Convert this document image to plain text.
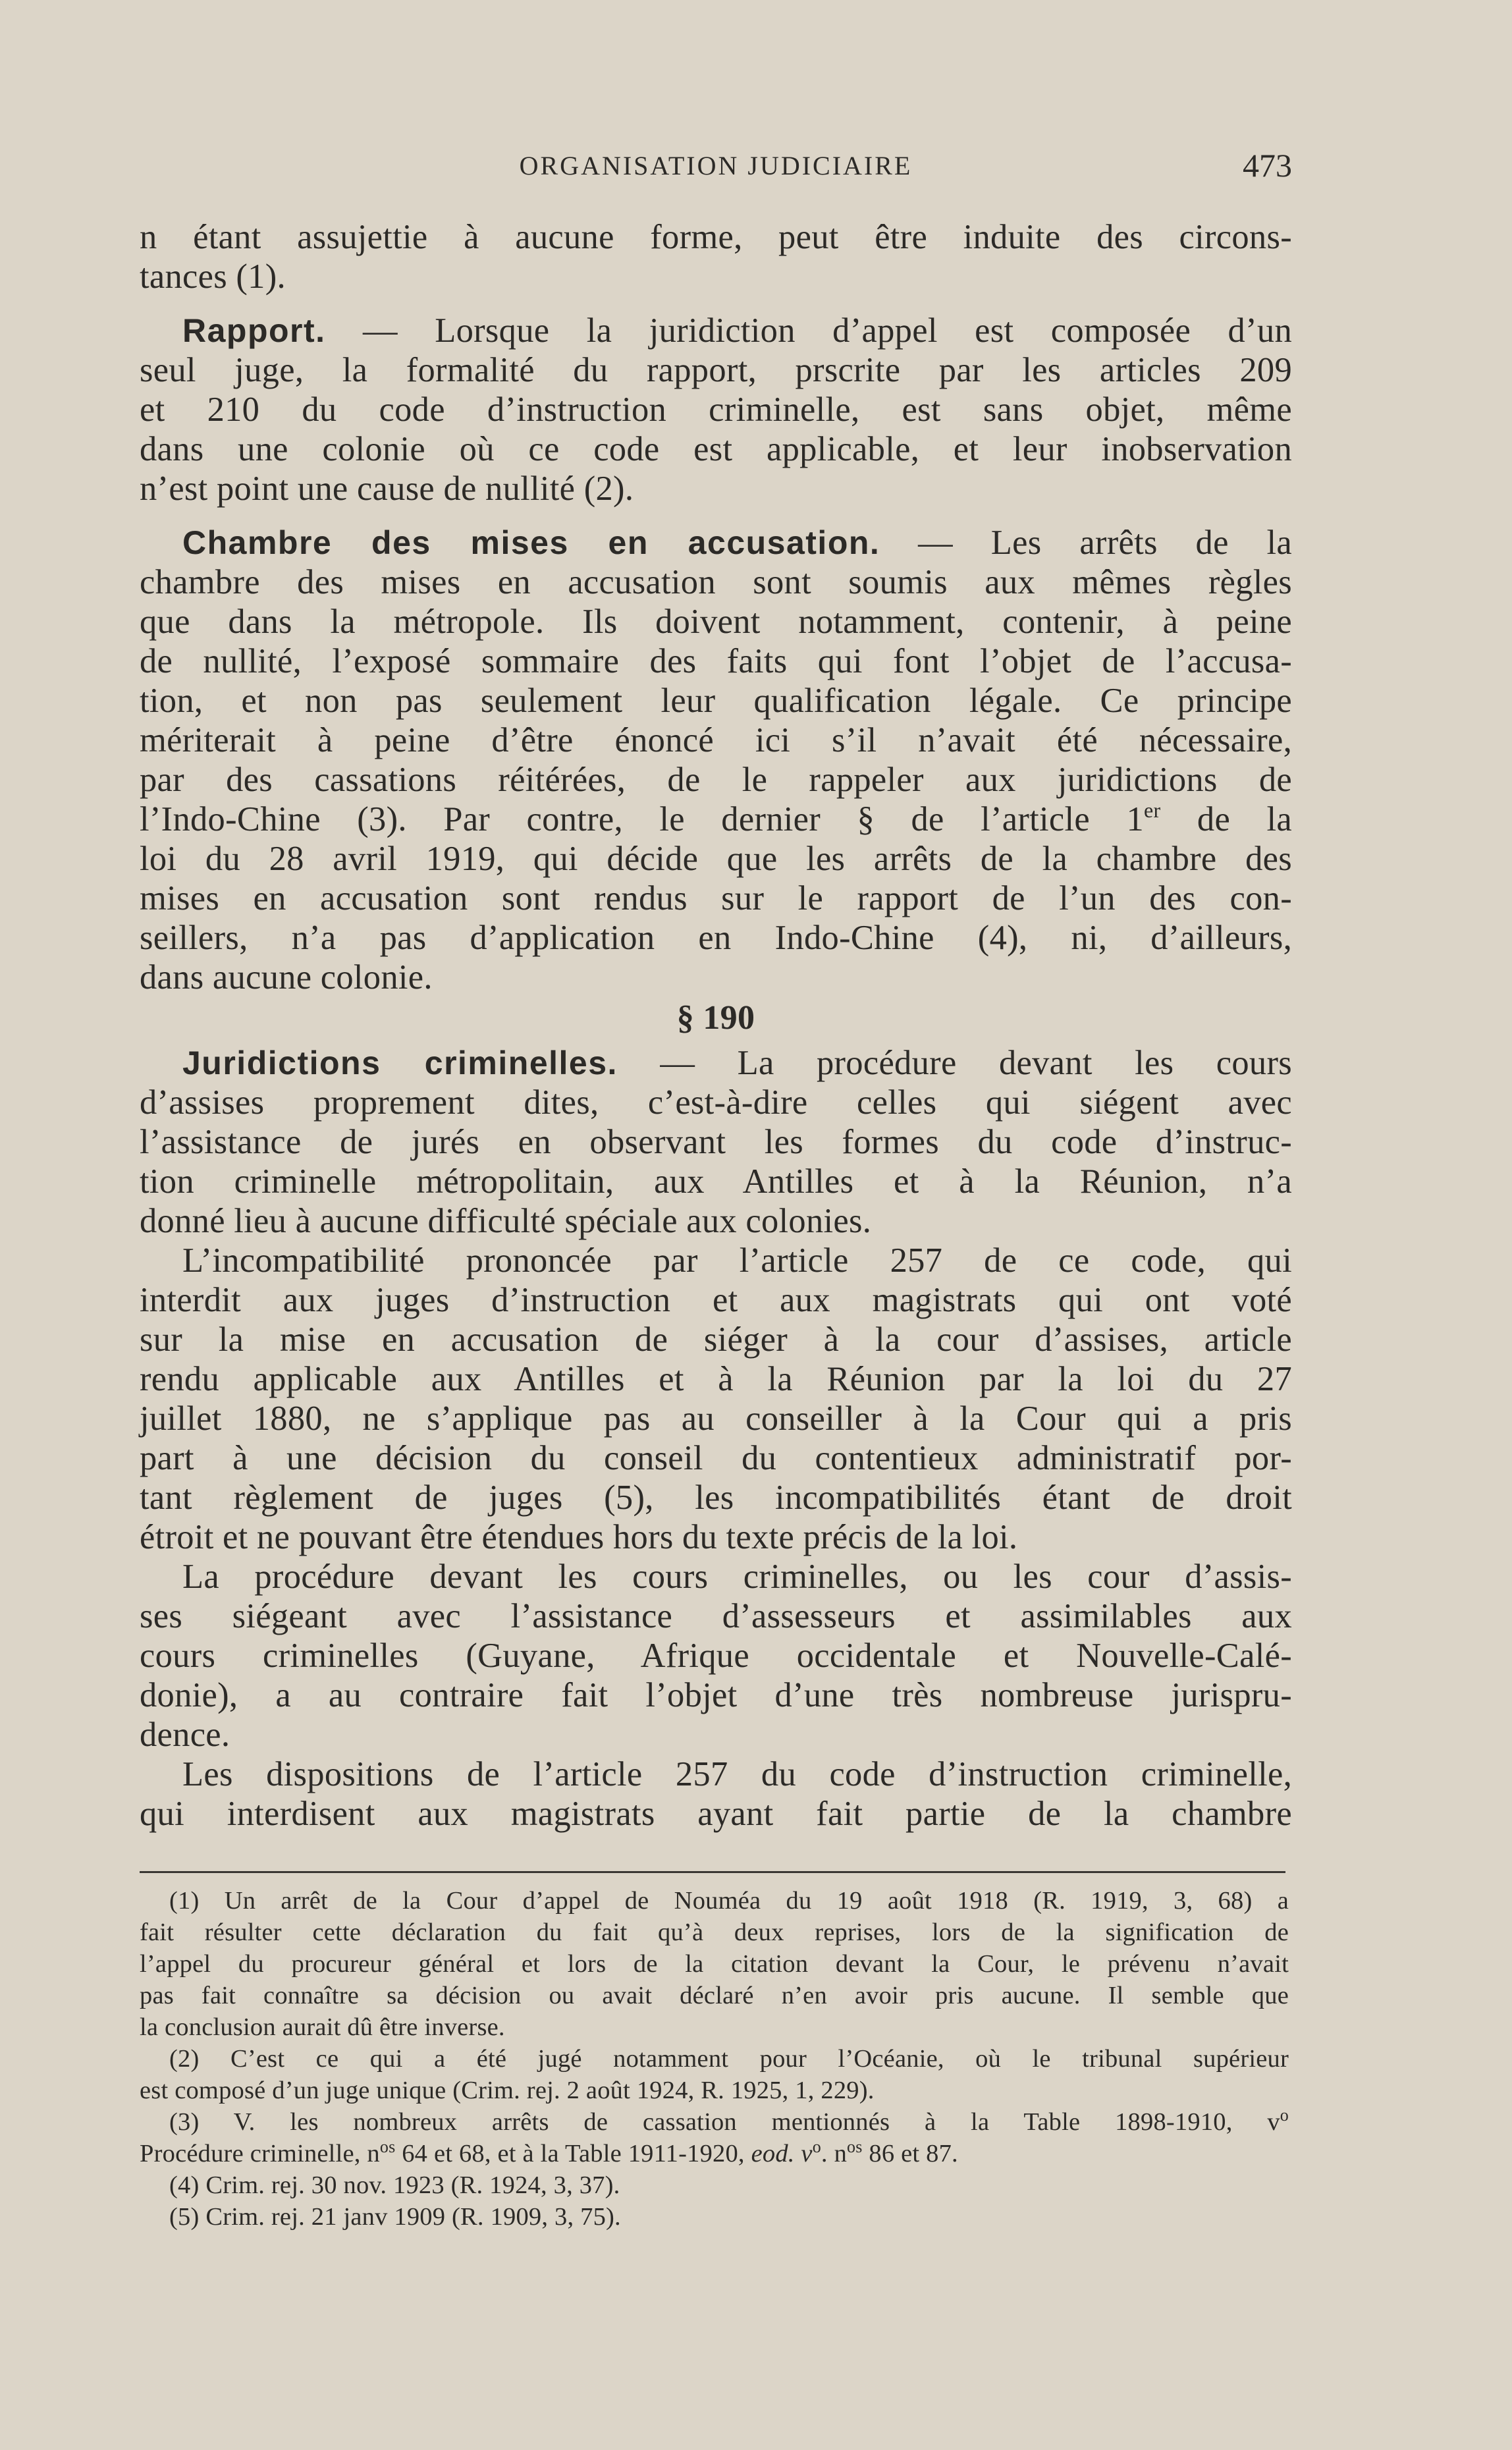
ORGANISATION JUDICIAIRE	473

n étant assujettie à aucune forme, peut être induite des circons-

tances (1).

Rapport. — Lorsque la juridiction d’appel est composée d’un

seul juge, la formalité du rapport, prscrite par les articles 209

et 210 du code d’instruction criminelle, est sans objet, même

dans une colonie où ce code est applicable, et leur inobservation

n’est point une cause de nullité (2).

Chambre des mises en accusation. — Les arrêts de la

chambre des mises en accusation sont soumis aux mêmes règles

que dans la métropole. Ils doivent notamment, contenir, à peine

de nullité, l’exposé sommaire des faits qui font l’objet de l’accusa-

tion, et non pas seulement leur qualification légale. Ce principe

mériterait à peine d’être énoncé ici s’il n’avait été nécessaire,

par des cassations réitérées, de le rappeler aux juridictions de

l’Indo-Chine (3). Par contre, le dernier § de l’article 1er de la

loi du 28 avril 1919, qui décide que les arrêts de la chambre des

mises en accusation sont rendus sur le rapport de l’un des con-

seillers, n’a pas d’application en Indo-Chine (4), ni, d’ailleurs,

dans aucune colonie.

§ 190

Juridictions criminelles. — La procédure devant les cours

d’assises proprement dites, c’est-à-dire celles qui siégent avec

l’assistance de jurés en observant les formes du code d’instruc-

tion criminelle métropolitain, aux Antilles et à la Réunion, n’a

donné lieu à aucune difficulté spéciale aux colonies.

L’incompatibilité prononcée par l’article 257 de ce code, qui

interdit aux juges d’instruction et aux magistrats qui ont voté

sur la mise en accusation de siéger à la cour d’assises, article

rendu applicable aux Antilles et à la Réunion par la loi du 27

juillet 1880, ne s’applique pas au conseiller à la Cour qui a pris

part à une décision du conseil du contentieux administratif por-

tant règlement de juges (5), les incompatibilités étant de droit

étroit et ne pouvant être étendues hors du texte précis de la loi.

La procédure devant les cours criminelles, ou les cour d’assis-

ses siégeant avec l’assistance d’assesseurs et assimilables aux

cours criminelles (Guyane, Afrique occidentale et Nouvelle-Calé-

donie), a au contraire fait l’objet d’une très nombreuse jurispru-

dence.

Les dispositions de l’article 257 du code d’instruction criminelle,

qui interdisent aux magistrats ayant fait partie de la chambre

(1) Un arrêt de la Cour d’appel de Nouméa du 19 août 1918 (R. 1919, 3, 68) a

fait résulter cette déclaration du fait qu’à deux reprises, lors de la signification de

l’appel du procureur général et lors de la citation devant la Cour, le prévenu n’avait

pas fait connaître sa décision ou avait déclaré n’en avoir pris aucune. Il semble que

la conclusion aurait dû être inverse.

(2) C’est ce qui a été jugé notamment pour l’Océanie, où le tribunal supérieur

est composé d’un juge unique (Crim. rej. 2 août 1924, R. 1925, 1, 229).

(3) V. les nombreux arrêts de cassation mentionnés à la Table 1898-1910, $v^o$

Procédure criminelle, $n^{os}$ 64 et 68, et à la Table 1911-1920, eod. $v^o$. $n^{os}$ 86 et 87.

(4) Crim. rej. 30 nov. 1923 (R. 1924, 3, 37).

(5) Crim. rej. 21 janv 1909 (R. 1909, 3, 75).
